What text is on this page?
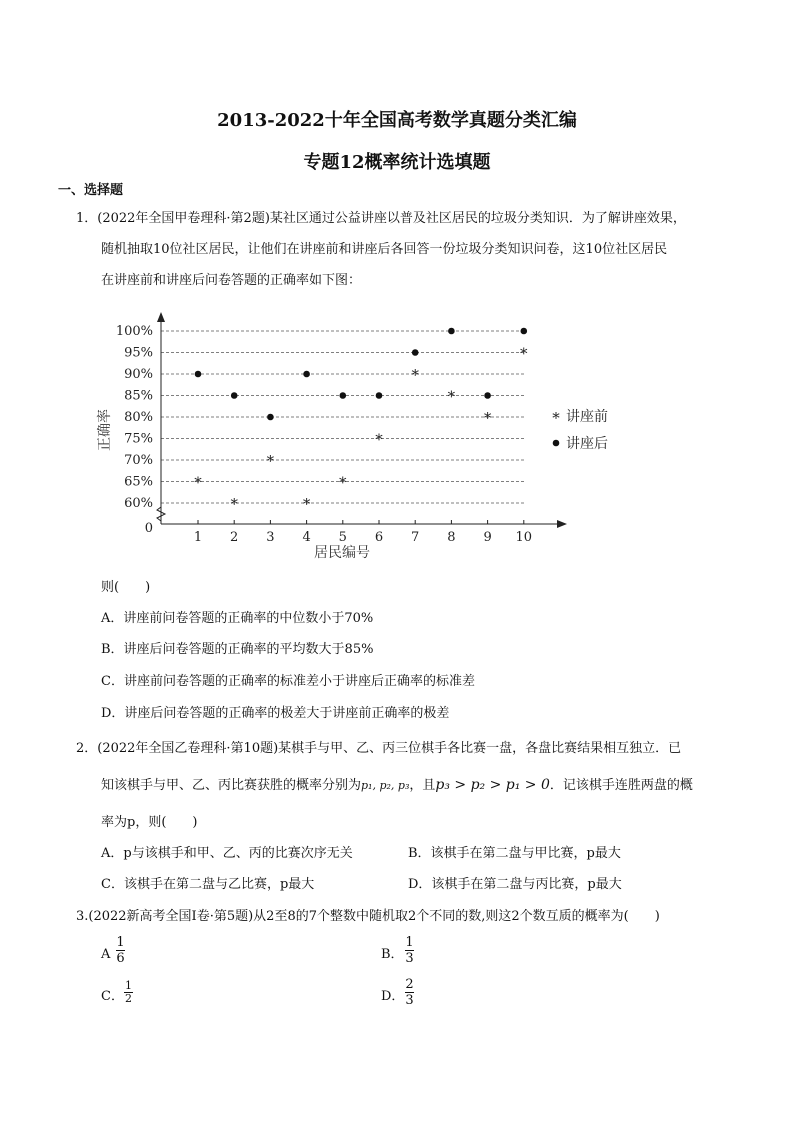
2013-2022十年全国高考数学真题分类汇编
专题12概率统计选填题
一、选择题
1．(2022年全国甲卷理科·第2题)某社区通过公益讲座以普及社区居民的垃圾分类知识．为了解讲座效果，
随机抽取10位社区居民，让他们在讲座前和讲座后各回答一份垃圾分类知识问卷，这10位社区居民
在讲座前和讲座后问卷答题的正确率如下图：
0
60%
65%
70%
75%
80%
85%
90%
95%
100%
1 2 3 4 5 6 7 8 9 10
*
*
*
*
*
*
*
*
*
*
* 讲座前
讲座后
居民编号
正确率
则(　　)
A．讲座前问卷答题的正确率的中位数小于70%
B．讲座后问卷答题的正确率的平均数大于85%
C．讲座前问卷答题的正确率的标准差小于讲座后正确率的标准差
D．讲座后问卷答题的正确率的极差大于讲座前正确率的极差
2．(2022年全国乙卷理科·第10题)某棋手与甲、乙、丙三位棋手各比赛一盘，各盘比赛结果相互独立．已
知该棋手与甲、乙、丙比赛获胜的概率分别为p₁, p₂, p₃，且p₃ > p₂ > p₁ > 0．记该棋手连胜两盘的概
率为p，则(　　)
A．p与该棋手和甲、乙、丙的比赛次序无关	B．该棋手在第二盘与甲比赛，p最大
C．该棋手在第二盘与乙比赛，p最大	D．该棋手在第二盘与丙比赛，p最大
3.(2022新高考全国I卷·第5题)从2至8的7个整数中随机取2个不同的数,则这2个数互质的概率为(　　)
A
1
6	B．
1
3
C．
1
2	D．
2
3
